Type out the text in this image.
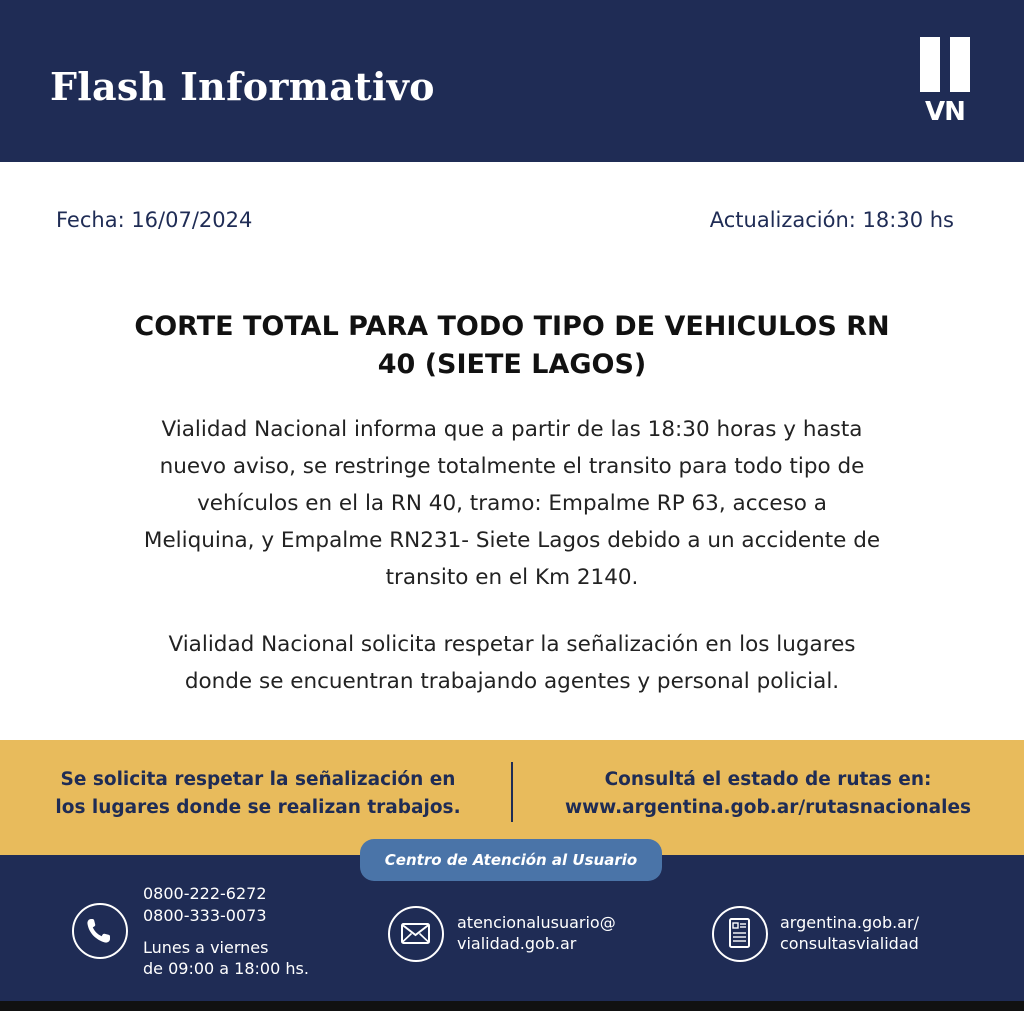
Flash Informativo
VN
Fecha: 16/07/2024	Actualización: 18:30 hs
CORTE TOTAL PARA TODO TIPO DE VEHICULOS RN
40 (SIETE LAGOS)
Vialidad Nacional informa que a partir de las 18:30 horas y hasta
nuevo aviso, se restringe totalmente el transito para todo tipo de
vehículos en el la RN 40, tramo: Empalme RP 63, acceso a
Meliquina, y Empalme RN231- Siete Lagos debido a un accidente de
transito en el Km 2140.
Vialidad Nacional solicita respetar la señalización en los lugares
donde se encuentran trabajando agentes y personal policial.
Se solicita respetar la señalización en
los lugares donde se realizan trabajos.
Consultá el estado de rutas en:
www.argentina.gob.ar/rutasnacionales
Centro de Atención al Usuario
0800-222-6272
0800-333-0073
Lunes a viernes
de 09:00 a 18:00 hs.
atencionalusuario@
vialidad.gob.ar
argentina.gob.ar/
consultasvialidad
